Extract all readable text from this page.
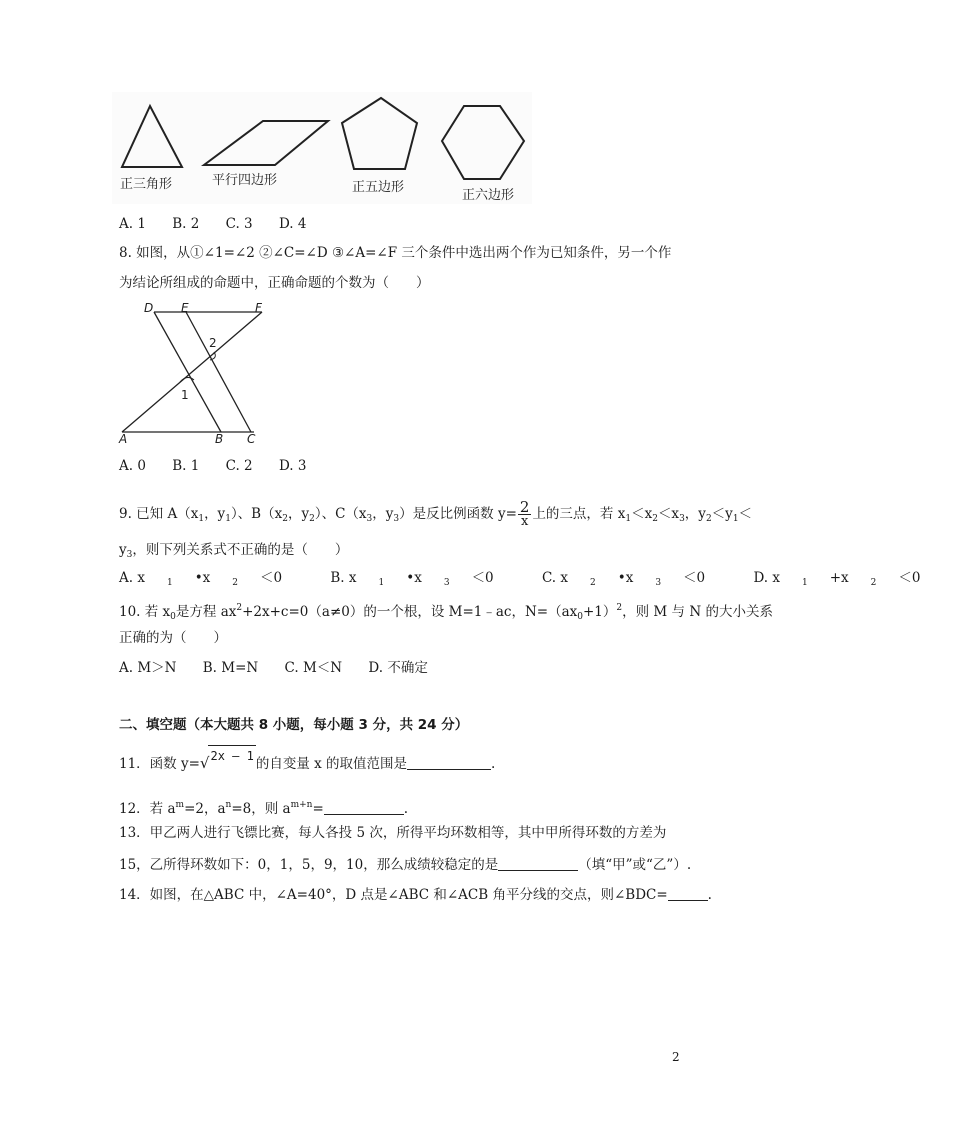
正三角形	平行四边形	正五边形
正六边形
A. 1 B. 2 C. 3 D. 4
8. 如图，从①∠1=∠2 ②∠C=∠D ③∠A=∠F 三个条件中选出两个作为已知条件，另一个作
为结论所组成的命题中，正确命题的个数为（　　）
D E	F
2
1
A	B C
A. 0 B. 1 C. 2 D. 3
9. 已知 $A(x_1$，$y_1$）、$B(x_2$，$y_2$）、$C(x_3$，$y_3$）是反比例函数 $y= \frac{2}{x}$ 上的三点，若 $x_1<x_2<x_3$，$y_2<y_1<$
$y_3$，则下列关系式不正确的是（　　）
A. x 1 •x 2 ＜0	B. x 1 •x 3 ＜0	C. x 2 •x 3 ＜0	D. x 1 +x 2 ＜0
10. 若 $x_0$是方程 $ax^2+2x+c=0(a\ne 0)$的一个根，设 M=1﹣ac，$N=(ax_0+1)^2$，则 M 与 N 的大小关系
正确的为（　　）
A. M＞N B. M=N C. M＜N D. 不确定
二、填空题（本大题共 8 小题，每小题 3 分，共 24 分）
11．函数 y=√2x – 1 的自变量 x 的取值范围是	.
12．若 $a^m=2$，$a^n=8$，则 $a^{m+n}=$	.
13．甲乙两人进行飞镖比赛，每人各投 5 次，所得平均环数相等，其中甲所得环数的方差为
15，乙所得环数如下：0，1，5，9，10，那么成绩较稳定的是	（填“甲”或“乙”）.
14．如图，在△ABC 中，∠A=40°，D 点是∠ABC 和∠ACB 角平分线的交点，则∠BDC=	.
2
